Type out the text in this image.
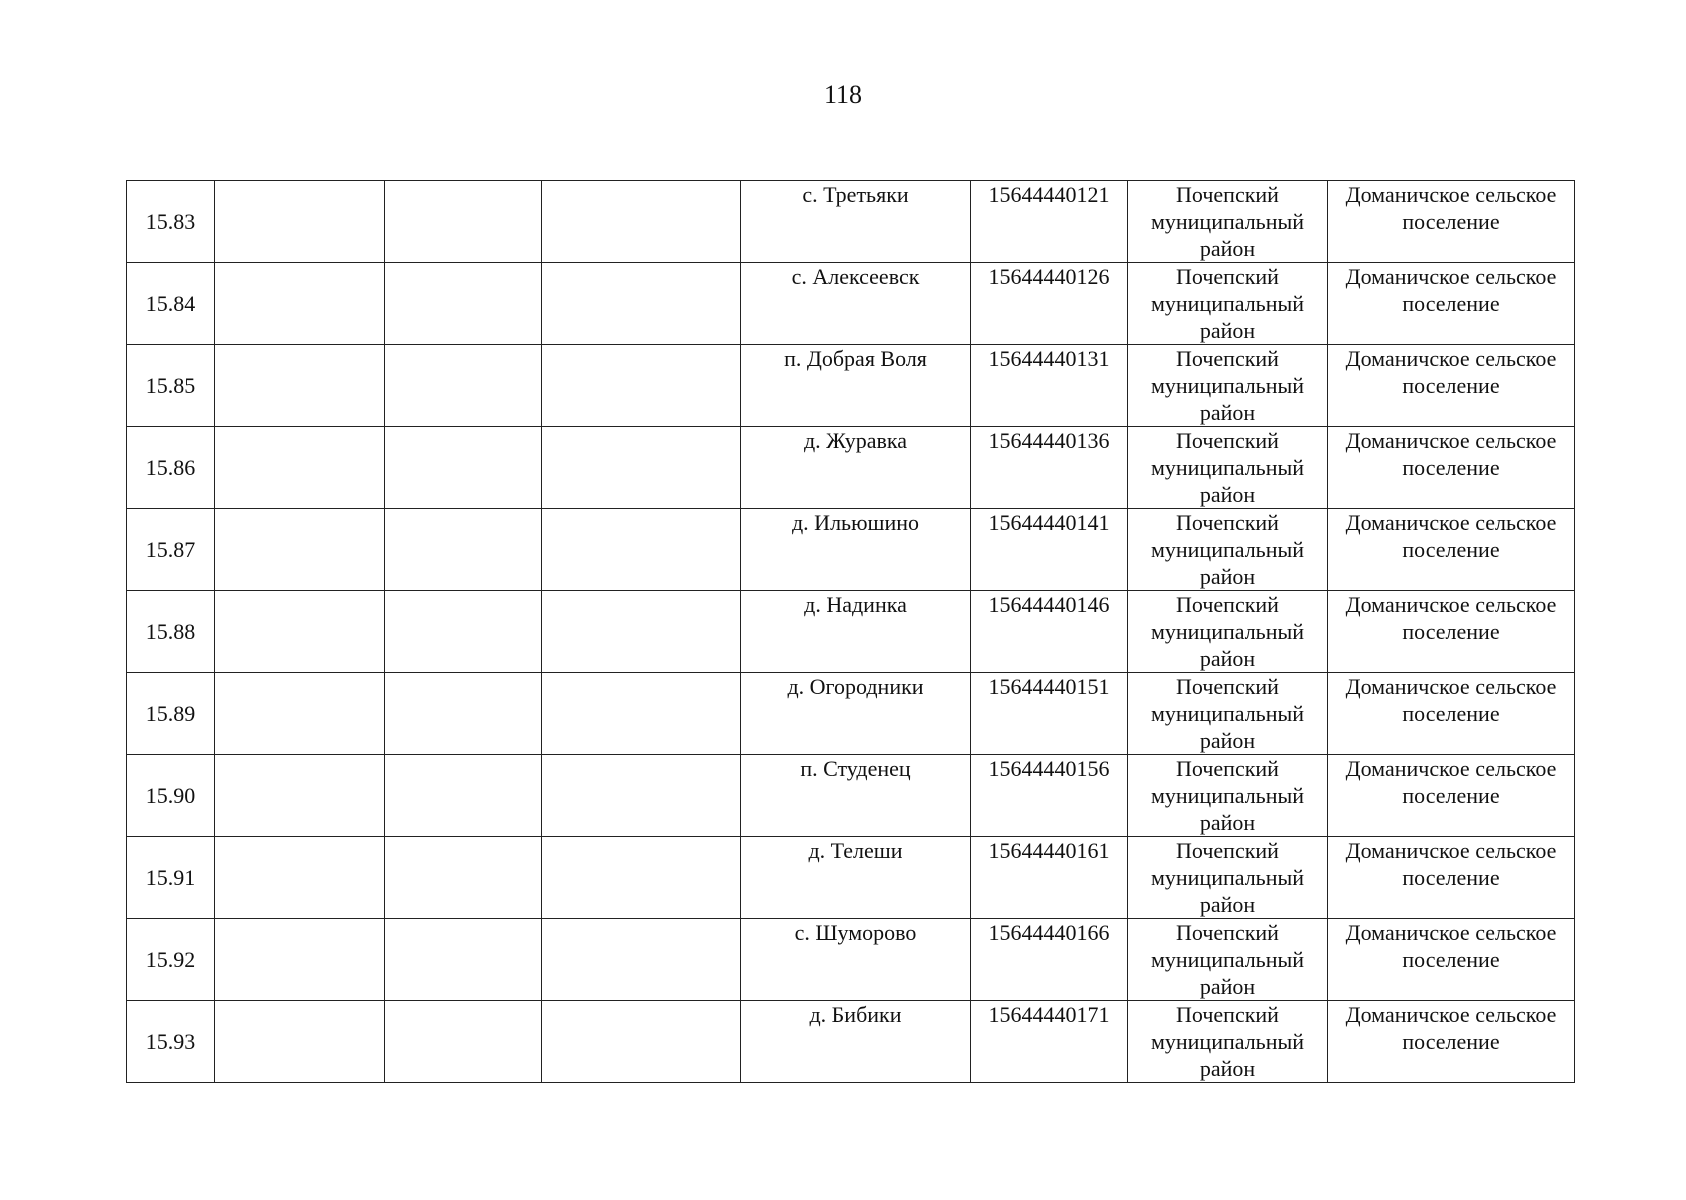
118
15.83				с. Третьяки	15644440121	Почепский муниципальный район	Доманичское сельское поселение
15.84				с. Алексеевск	15644440126	Почепский муниципальный район	Доманичское сельское поселение
15.85				п. Добрая Воля	15644440131	Почепский муниципальный район	Доманичское сельское поселение
15.86				д. Журавка	15644440136	Почепский муниципальный район	Доманичское сельское поселение
15.87				д. Ильюшино	15644440141	Почепский муниципальный район	Доманичское сельское поселение
15.88				д. Надинка	15644440146	Почепский муниципальный район	Доманичское сельское поселение
15.89				д. Огородники	15644440151	Почепский муниципальный район	Доманичское сельское поселение
15.90				п. Студенец	15644440156	Почепский муниципальный район	Доманичское сельское поселение
15.91				д. Телеши	15644440161	Почепский муниципальный район	Доманичское сельское поселение
15.92				с. Шуморово	15644440166	Почепский муниципальный район	Доманичское сельское поселение
15.93				д. Бибики	15644440171	Почепский муниципальный район	Доманичское сельское поселение
